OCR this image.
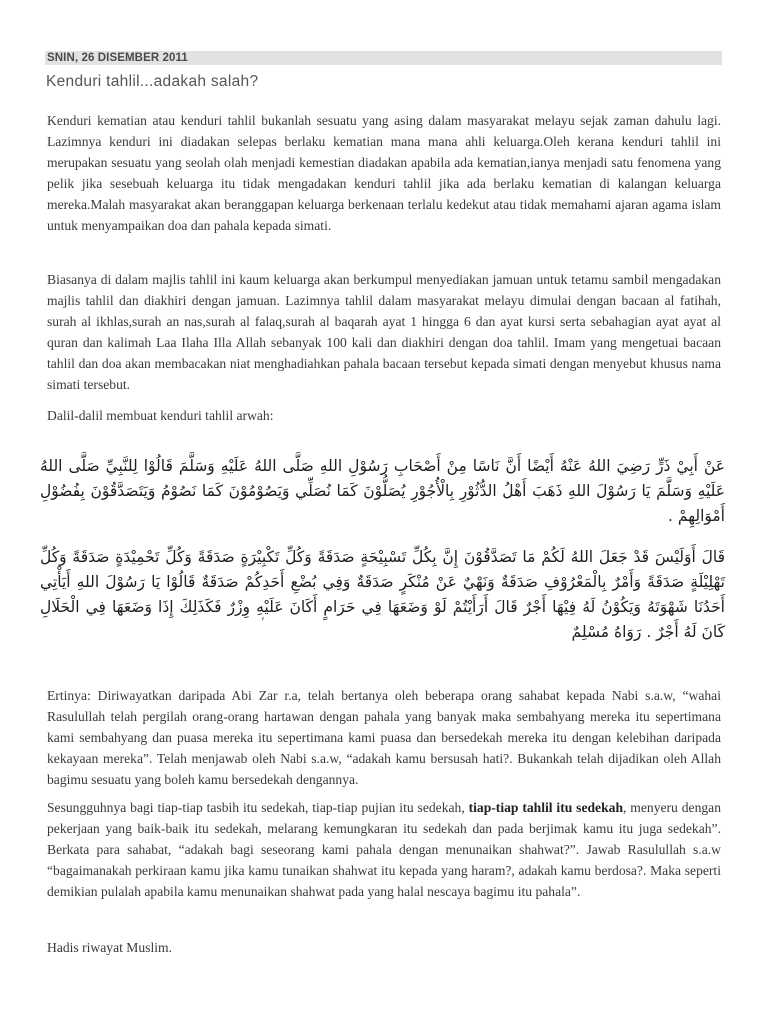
SNIN, 26 DISEMBER 2011
Kenduri tahlil...adakah salah?

Kenduri kematian atau kenduri tahlil bukanlah sesuatu yang asing dalam masyarakat melayu sejak zaman dahulu lagi. Lazimnya kenduri ini diadakan selepas berlaku kematian mana mana ahli keluarga.Oleh kerana kenduri tahlil ini merupakan sesuatu yang seolah olah menjadi kemestian diadakan apabila ada kematian,ianya menjadi satu fenomena yang pelik jika sesebuah keluarga itu tidak mengadakan kenduri tahlil jika ada berlaku kematian di kalangan keluarga mereka.Malah masyarakat akan beranggapan keluarga berkenaan terlalu kedekut atau tidak memahami ajaran agama islam untuk menyampaikan doa dan pahala kepada simati.

Biasanya di dalam majlis tahlil ini kaum keluarga akan berkumpul menyediakan jamuan untuk tetamu sambil mengadakan majlis tahlil dan diakhiri dengan jamuan. Lazimnya tahlil dalam masyarakat melayu dimulai dengan bacaan al fatihah, surah al ikhlas,surah an nas,surah al falaq,surah al baqarah ayat 1 hingga 6 dan ayat kursi serta sebahagian ayat ayat al quran dan kalimah Laa Ilaha Illa Allah sebanyak 100 kali dan diakhiri dengan doa tahlil. Imam yang mengetuai bacaan tahlil dan doa akan membacakan niat menghadiahkan pahala bacaan tersebut kepada simati dengan menyebut khusus nama simati tersebut.

Dalil-dalil membuat kenduri tahlil arwah:

عَنْ أَبِيْ ذَرٍّ رَضِيَ اللهُ عَنْهُ أَيْضًا أَنَّ نَاسًا مِنْ أَصْحَابِ رَسُوْلِ اللهِ صَلَّى اللهُ عَلَيْهِ وَسَلَّمَ قَالُوْا لِلنَّبِيِّ صَلَّى اللهُ عَلَيْهِ وَسَلَّمَ يَا رَسُوْلَ اللهِ ذَهَبَ أَهْلُ الدُّثُوْرِ بِالْأُجُوْرِ يُصَلُّوْنَ كَمَا نُصَلِّي وَيَصُوْمُوْنَ كَمَا نَصُوْمُ وَيَتَصَدَّقُوْنَ بِفُضُوْلِ أَمْوَالِهِمْ .

قَالَ أَوَلَيْسَ قَدْ جَعَلَ اللهُ لَكُمْ مَا تَصَدَّقُوْنَ إِنَّ بِكُلِّ تَسْبِيْحَةٍ صَدَقَةً وَكُلِّ تَكْبِيْرَةٍ صَدَقَةً وَكُلِّ تَحْمِيْدَةٍ صَدَقَةً وَكُلِّ تَهْلِيْلَةٍ صَدَقَةً وَأَمْرٌ بِالْمَعْرُوْفِ صَدَقَةٌ وَنَهْيٌ عَنْ مُنْكَرٍ صَدَقَةٌ وَفِي بُضْعِ أَحَدِكُمْ صَدَقَةٌ قَالُوْا يَا رَسُوْلَ اللهِ أَيَأْتِي أَحَدُنَا شَهْوَتَهُ وَيَكُوْنُ لَهُ فِيْهَا أَجْرٌ قَالَ أَرَأَيْتُمْ لَوْ وَضَعَهَا فِي حَرَامٍ أَكَانَ عَلَيْهِ وِزْرٌ فَكَذَلِكَ إِذَا وَضَعَهَا فِي الْحَلَالِ كَانَ لَهُ أَجْرٌ . رَوَاهُ مُسْلِمٌ

ʻ

Ertinya: Diriwayatkan daripada Abi Zar r.a, telah bertanya oleh beberapa orang sahabat kepada Nabi s.a.w, “wahai Rasulullah telah pergilah orang-orang hartawan dengan pahala yang banyak maka sembahyang mereka itu sepertimana kami sembahyang dan puasa mereka itu sepertimana kami puasa dan bersedekah mereka itu dengan kelebihan daripada kekayaan mereka”. Telah menjawab oleh Nabi s.a.w, “adakah kamu bersusah hati?. Bukankah telah dijadikan oleh Allah bagimu sesuatu yang boleh kamu bersedekah dengannya.

Sesungguhnya bagi tiap-tiap tasbih itu sedekah, tiap-tiap pujian itu sedekah, tiap-tiap tahlil itu sedekah, menyeru dengan pekerjaan yang baik-baik itu sedekah, melarang kemungkaran itu sedekah dan pada berjimak kamu itu juga sedekah”. Berkata para sahabat, “adakah bagi seseorang kami pahala dengan menunaikan shahwat?”. Jawab Rasulullah s.a.w “bagaimanakah perkiraan kamu jika kamu tunaikan shahwat itu kepada yang haram?, adakah kamu berdosa?. Maka seperti demikian pulalah apabila kamu menunaikan shahwat pada yang halal nescaya bagimu itu pahala”.

Hadis riwayat Muslim.
